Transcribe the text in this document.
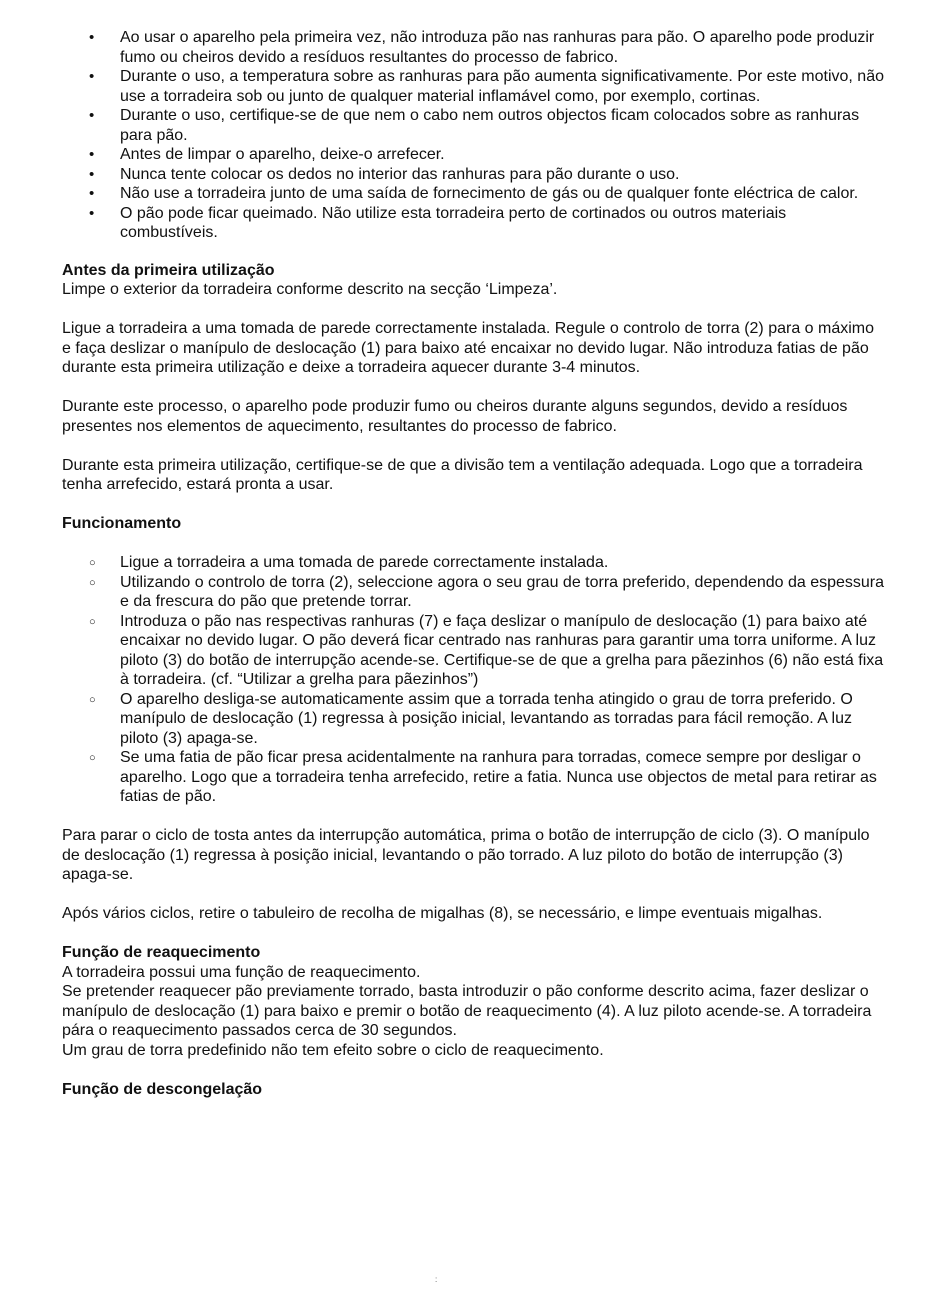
• Ao usar o aparelho pela primeira vez, não introduza pão nas ranhuras para pão. O aparelho pode produzir fumo ou cheiros devido a resíduos resultantes do processo de fabrico.
• Durante o uso, a temperatura sobre as ranhuras para pão aumenta significativamente. Por este motivo, não use a torradeira sob ou junto de qualquer material inflamável como, por exemplo, cortinas.
• Durante o uso, certifique-se de que nem o cabo nem outros objectos ficam colocados sobre as ranhuras para pão.
• Antes de limpar o aparelho, deixe-o arrefecer.
• Nunca tente colocar os dedos no interior das ranhuras para pão durante o uso.
• Não use a torradeira junto de uma saída de fornecimento de gás ou de qualquer fonte eléctrica de calor.
• O pão pode ficar queimado. Não utilize esta torradeira perto de cortinados ou outros materiais combustíveis.
Antes da primeira utilização

Limpe o exterior da torradeira conforme descrito na secção ‘Limpeza’.

Ligue a torradeira a uma tomada de parede correctamente instalada. Regule o controlo de torra (2) para o máximo e faça deslizar o manípulo de deslocação (1) para baixo até encaixar no devido lugar. Não introduza fatias de pão durante esta primeira utilização e deixe a torradeira aquecer durante 3-4 minutos.

Durante este processo, o aparelho pode produzir fumo ou cheiros durante alguns segundos, devido a resíduos presentes nos elementos de aquecimento, resultantes do processo de fabrico.

Durante esta primeira utilização, certifique-se de que a divisão tem a ventilação adequada. Logo que a torradeira tenha arrefecido, estará pronta a usar.

Funcionamento
○ Ligue a torradeira a uma tomada de parede correctamente instalada.
○ Utilizando o controlo de torra (2), seleccione agora o seu grau de torra preferido, dependendo da espessura e da frescura do pão que pretende torrar.
○ Introduza o pão nas respectivas ranhuras (7) e faça deslizar o manípulo de deslocação (1) para baixo até encaixar no devido lugar. O pão deverá ficar centrado nas ranhuras para garantir uma torra uniforme. A luz piloto (3) do botão de interrupção acende-se. Certifique-se de que a grelha para pãezinhos (6) não está fixa à torradeira. (cf. “Utilizar a grelha para pãezinhos”)
○ O aparelho desliga-se automaticamente assim que a torrada tenha atingido o grau de torra preferido. O manípulo de deslocação (1) regressa à posição inicial, levantando as torradas para fácil remoção. A luz piloto (3) apaga-se.
○ Se uma fatia de pão ficar presa acidentalmente na ranhura para torradas, comece sempre por desligar o aparelho. Logo que a torradeira tenha arrefecido, retire a fatia. Nunca use objectos de metal para retirar as fatias de pão.

Para parar o ciclo de tosta antes da interrupção automática, prima o botão de interrupção de ciclo (3). O manípulo de deslocação (1) regressa à posição inicial, levantando o pão torrado. A luz piloto do botão de interrupção (3) apaga-se.

Após vários ciclos, retire o tabuleiro de recolha de migalhas (8), se necessário, e limpe eventuais migalhas.

Função de reaquecimento

A torradeira possui uma função de reaquecimento.

Se pretender reaquecer pão previamente torrado, basta introduzir o pão conforme descrito acima, fazer deslizar o manípulo de deslocação (1) para baixo e premir o botão de reaquecimento (4). A luz piloto acende-se. A torradeira pára o reaquecimento passados cerca de 30 segundos.

Um grau de torra predefinido não tem efeito sobre o ciclo de reaquecimento.

Função de descongelação
:
